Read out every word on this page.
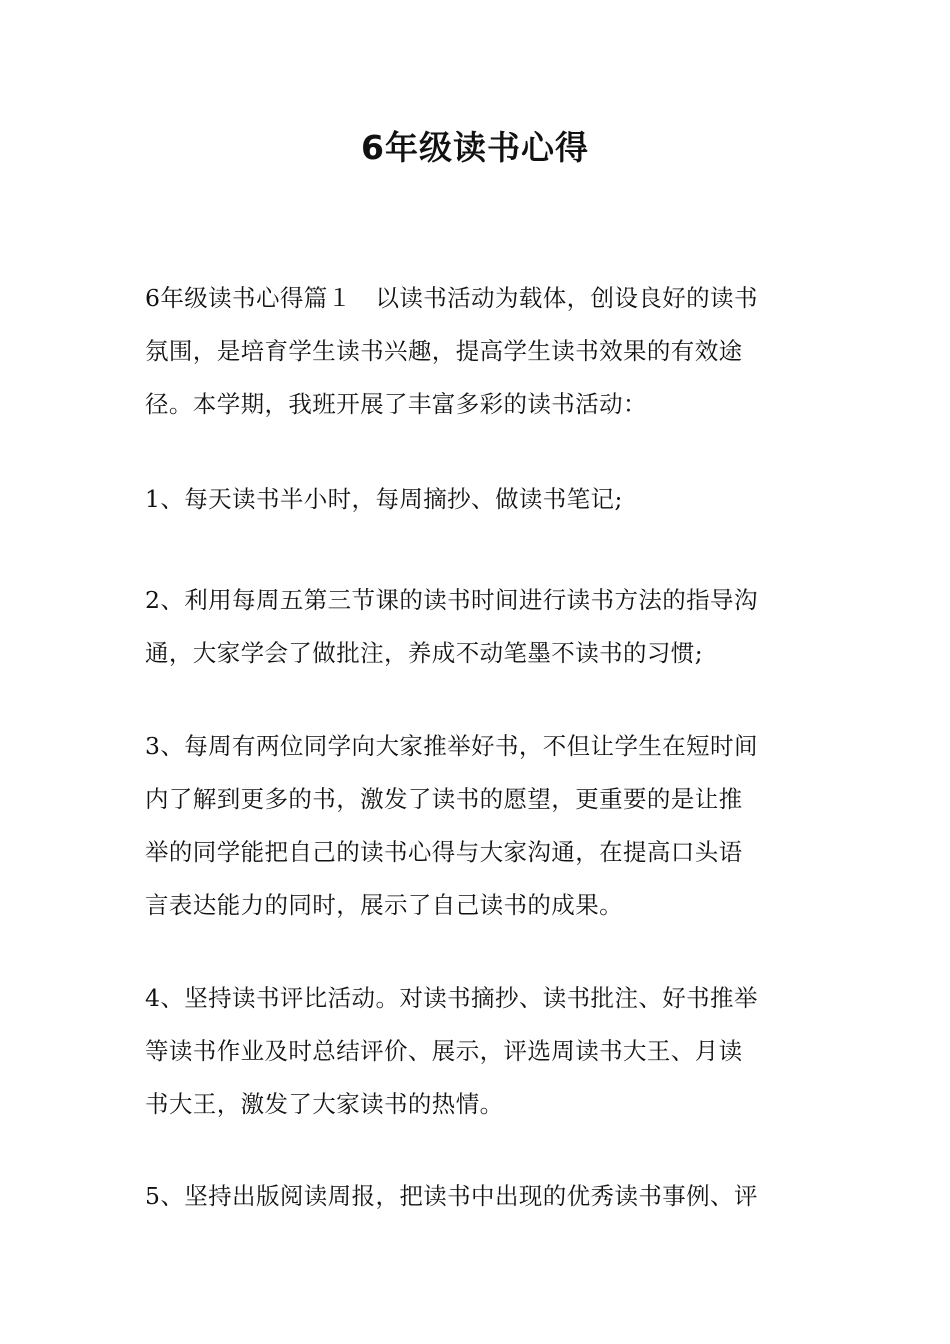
6年级读书心得

6年级读书心得篇１　以读书活动为载体，创设良好的读书
氛围，是培育学生读书兴趣，提高学生读书效果的有效途
径。本学期，我班开展了丰富多彩的读书活动：

1、每天读书半小时，每周摘抄、做读书笔记;

2、利用每周五第三节课的读书时间进行读书方法的指导沟
通，大家学会了做批注，养成不动笔墨不读书的习惯;

3、每周有两位同学向大家推举好书，不但让学生在短时间
内了解到更多的书，激发了读书的愿望，更重要的是让推
举的同学能把自己的读书心得与大家沟通，在提高口头语
言表达能力的同时，展示了自己读书的成果。

4、坚持读书评比活动。对读书摘抄、读书批注、好书推举
等读书作业及时总结评价、展示，评选周读书大王、月读
书大王，激发了大家读书的热情。

5、坚持出版阅读周报，把读书中出现的优秀读书事例、评
